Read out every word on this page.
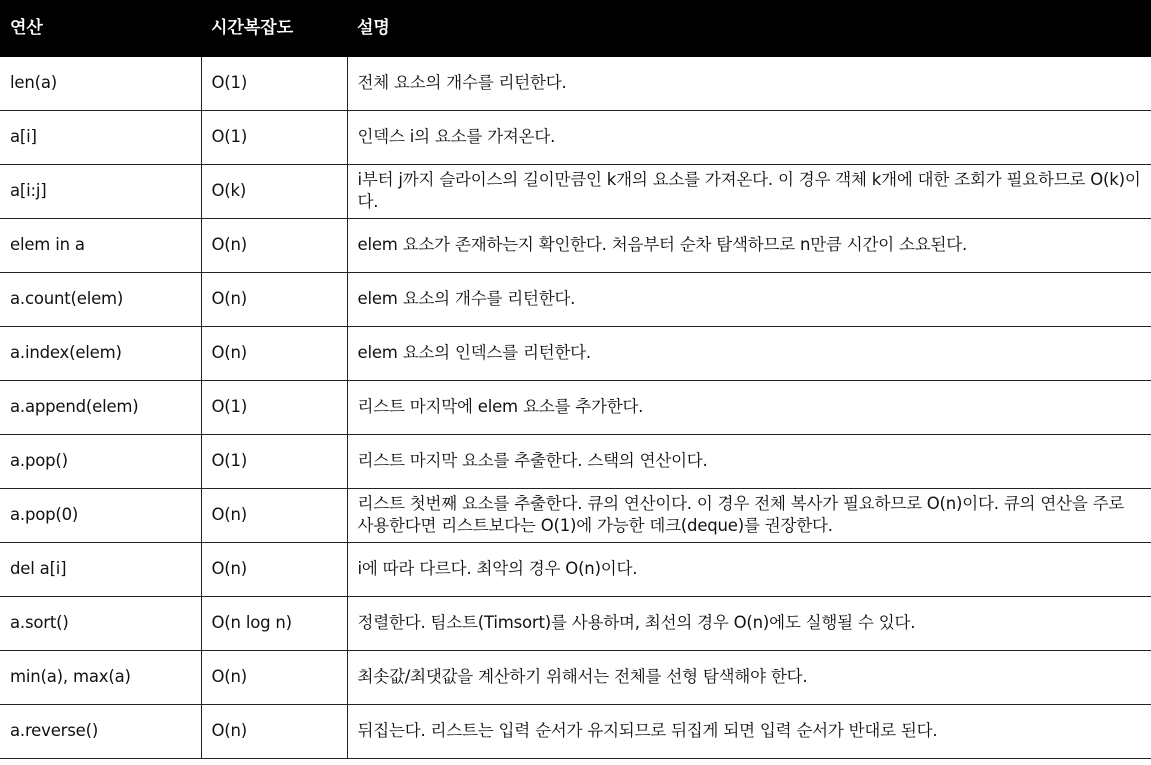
연산	시간복잡도	설명
len(a)	O(1)	전체 요소의 개수를 리턴한다.
a[i]	O(1)	인덱스 i의 요소를 가져온다.
a[i:j]	O(k)	i부터 j까지 슬라이스의 길이만큼인 k개의 요소를 가져온다. 이 경우 객체 k개에 대한 조회가 필요하므로 O(k)이다.
elem in a	O(n)	elem 요소가 존재하는지 확인한다. 처음부터 순차 탐색하므로 n만큼 시간이 소요된다.
a.count(elem)	O(n)	elem 요소의 개수를 리턴한다.
a.index(elem)	O(n)	elem 요소의 인덱스를 리턴한다.
a.append(elem)	O(1)	리스트 마지막에 elem 요소를 추가한다.
a.pop()	O(1)	리스트 마지막 요소를 추출한다. 스택의 연산이다.
a.pop(0)	O(n)	리스트 첫번째 요소를 추출한다. 큐의 연산이다. 이 경우 전체 복사가 필요하므로 O(n)이다. 큐의 연산을 주로 사용한다면 리스트보다는 O(1)에 가능한 데크(deque)를 권장한다.
del a[i]	O(n)	i에 따라 다르다. 최악의 경우 O(n)이다.
a.sort()	O(n log n)	정렬한다. 팀소트(Timsort)를 사용하며, 최선의 경우 O(n)에도 실행될 수 있다.
min(a), max(a)	O(n)	최솟값/최댓값을 계산하기 위해서는 전체를 선형 탐색해야 한다.
a.reverse()	O(n)	뒤집는다. 리스트는 입력 순서가 유지되므로 뒤집게 되면 입력 순서가 반대로 된다.
